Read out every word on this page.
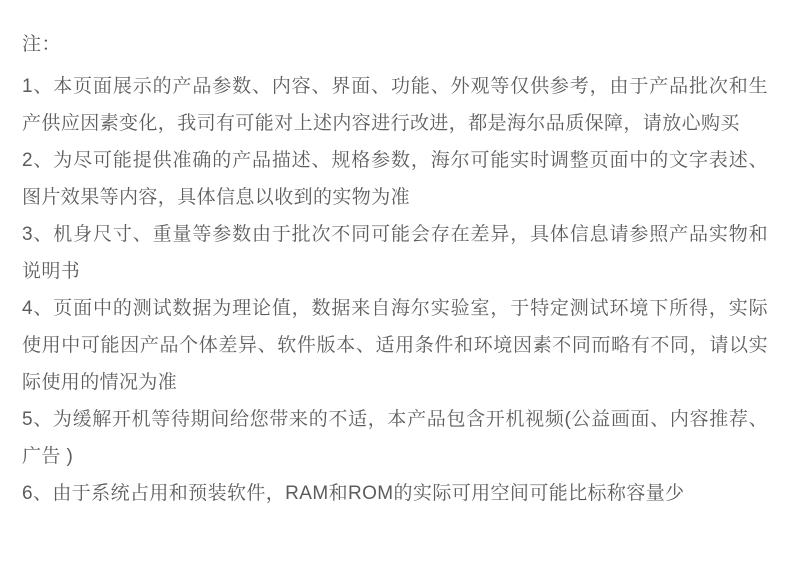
注：
1、本页面展示的产品参数、内容、界面、功能、外观等仅供参考，由于产品批次和生产供应因素变化，我司有可能对上述内容进行改进，都是海尔品质保障，请放心购买
2、为尽可能提供准确的产品描述、规格参数，海尔可能实时调整页面中的文字表述、图片效果等内容，具体信息以收到的实物为准
3、机身尺寸、重量等参数由于批次不同可能会存在差异，具体信息请参照产品实物和说明书
4、页面中的测试数据为理论值，数据来自海尔实验室，于特定测试环境下所得，实际使用中可能因产品个体差异、软件版本、适用条件和环境因素不同而略有不同，请以实际使用的情况为准
5、为缓解开机等待期间给您带来的不适，本产品包含开机视频(公益画面、内容推荐、广告 )
6、由于系统占用和预装软件，RAM和ROM的实际可用空间可能比标称容量少
